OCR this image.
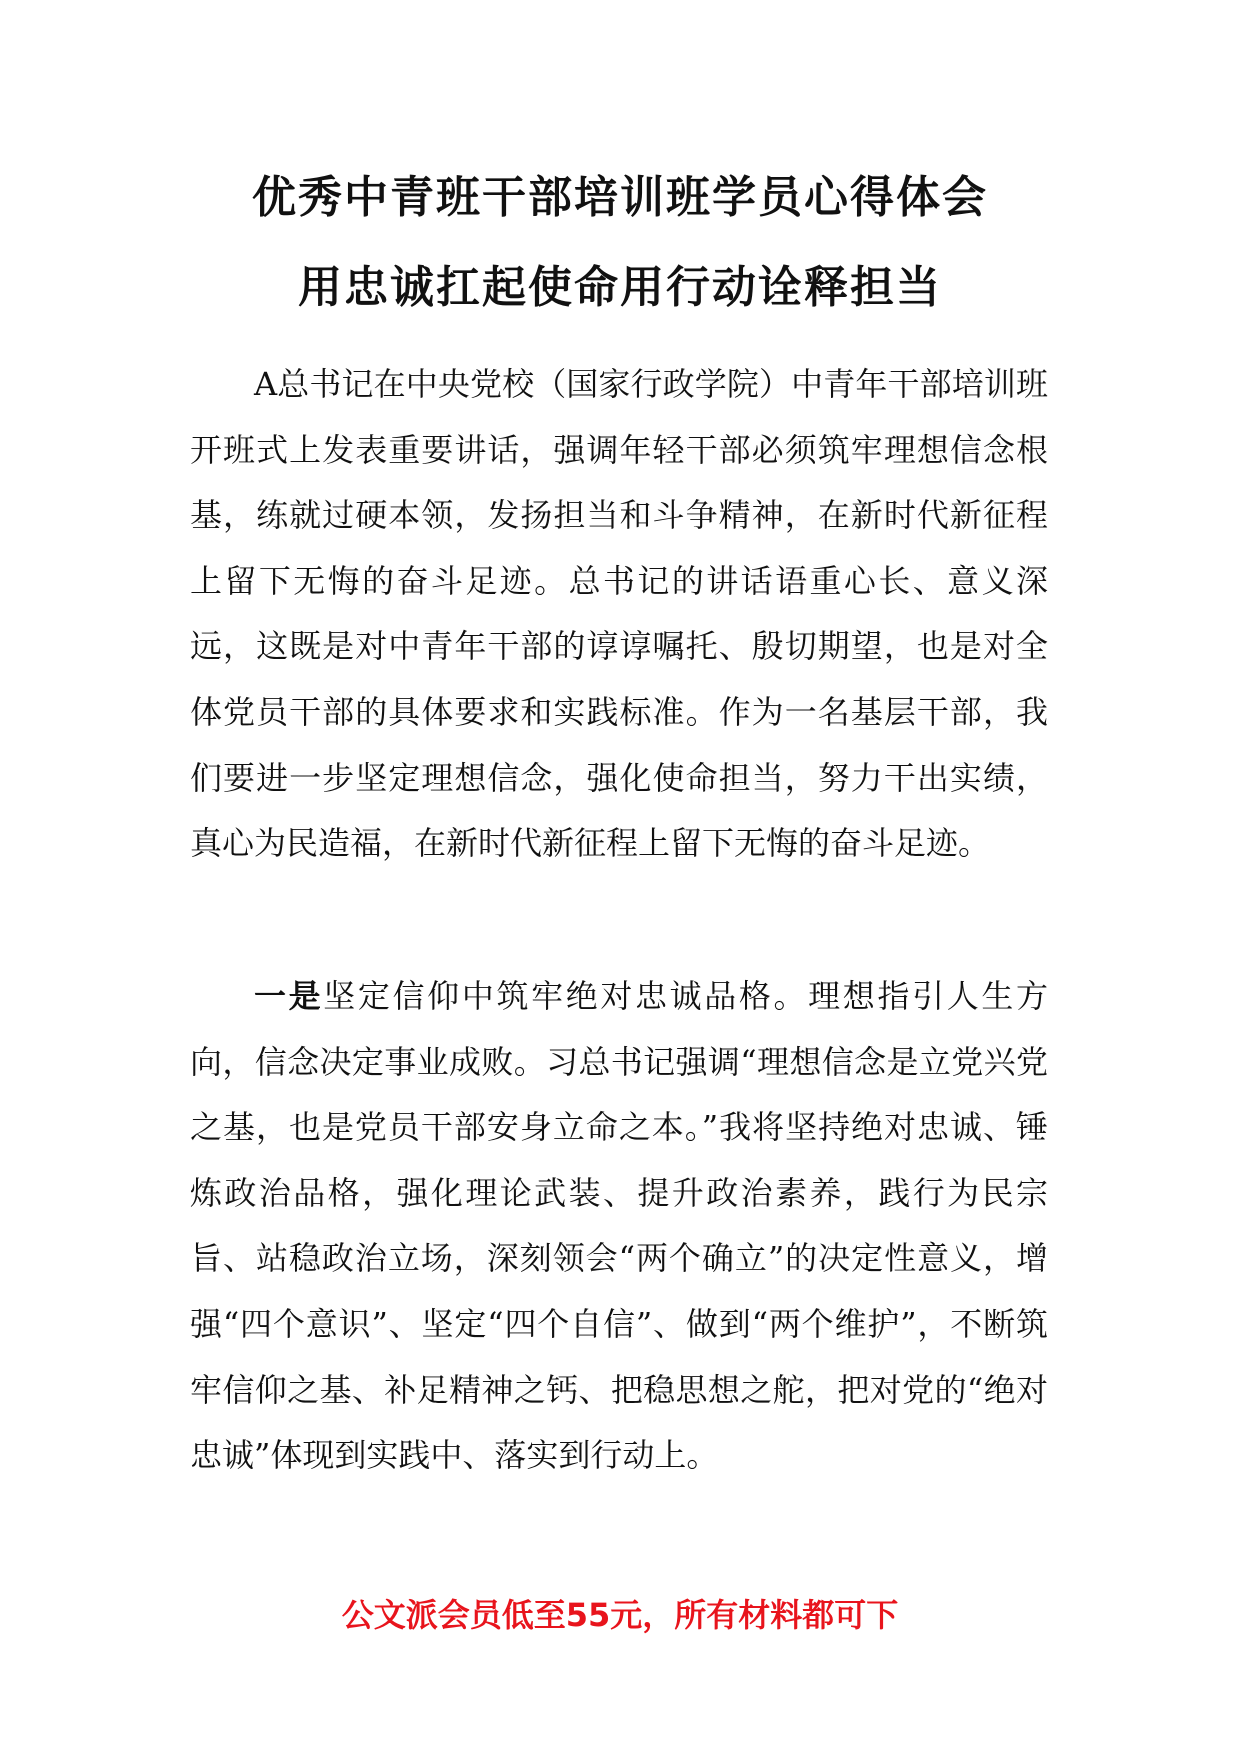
优秀中青班干部培训班学员心得体会
用忠诚扛起使命用行动诠释担当

A总书记在中央党校（国家行政学院）中青年干部培训班开班式上发表重要讲话，强调年轻干部必须筑牢理想信念根基，练就过硬本领，发扬担当和斗争精神，在新时代新征程上留下无悔的奋斗足迹。总书记的讲话语重心长、意义深远，这既是对中青年干部的谆谆嘱托、殷切期望，也是对全体党员干部的具体要求和实践标准。作为一名基层干部，我们要进一步坚定理想信念，强化使命担当，努力干出实绩，真心为民造福，在新时代新征程上留下无悔的奋斗足迹。

一是坚定信仰中筑牢绝对忠诚品格。理想指引人生方向，信念决定事业成败。习总书记强调“理想信念是立党兴党之基，也是党员干部安身立命之本。”我将坚持绝对忠诚、锤炼政治品格，强化理论武装、提升政治素养，践行为民宗旨、站稳政治立场，深刻领会“两个确立”的决定性意义，增强“四个意识”、坚定“四个自信”、做到“两个维护”，不断筑牢信仰之基、补足精神之钙、把稳思想之舵，把对党的“绝对忠诚”体现到实践中、落实到行动上。

公文派会员低至55元，所有材料都可下
